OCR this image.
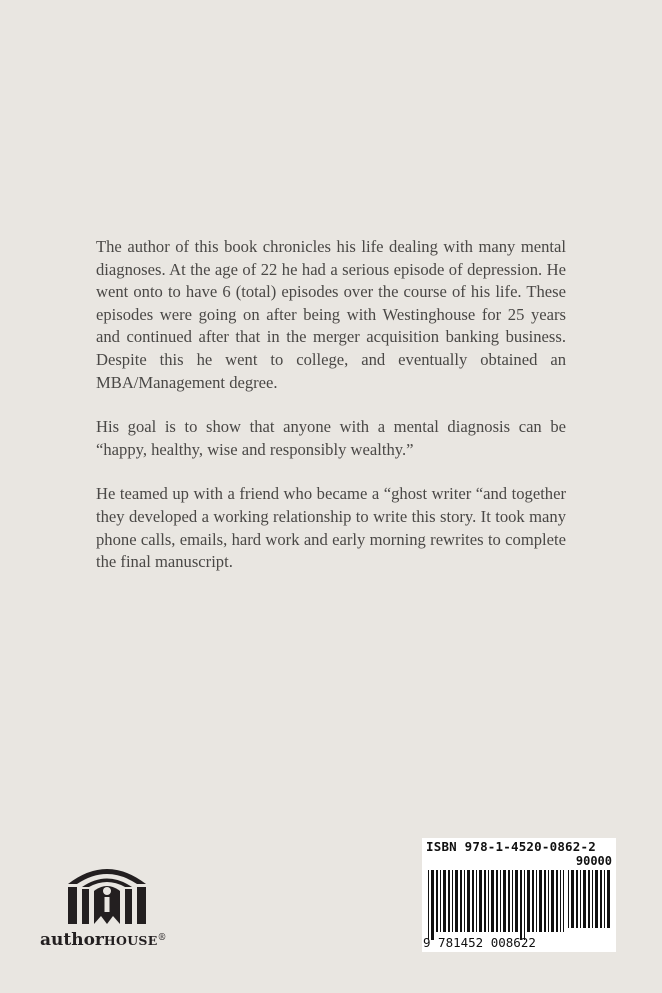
The author of this book chronicles his life dealing with many mental diagnoses. At the age of 22 he had a serious episode of depression. He went onto to have 6 (total) episodes over the course of his life. These episodes were going on after being with Westinghouse for 25 years and continued after that in the merger acquisition banking business. Despite this he went to college, and eventually obtained an MBA/Management degree.

His goal is to show that anyone with a mental diagnosis can be “happy, healthy, wise and responsibly wealthy.”

He teamed up with a friend who became a “ghost writer “and together they developed a working relationship to write this story. It took many phone calls, emails, hard work and early morning rewrites to complete the final manuscript.

authorHOUSE®
ISBN 978-1-4520-0862-2
90000
9 781452 008622
